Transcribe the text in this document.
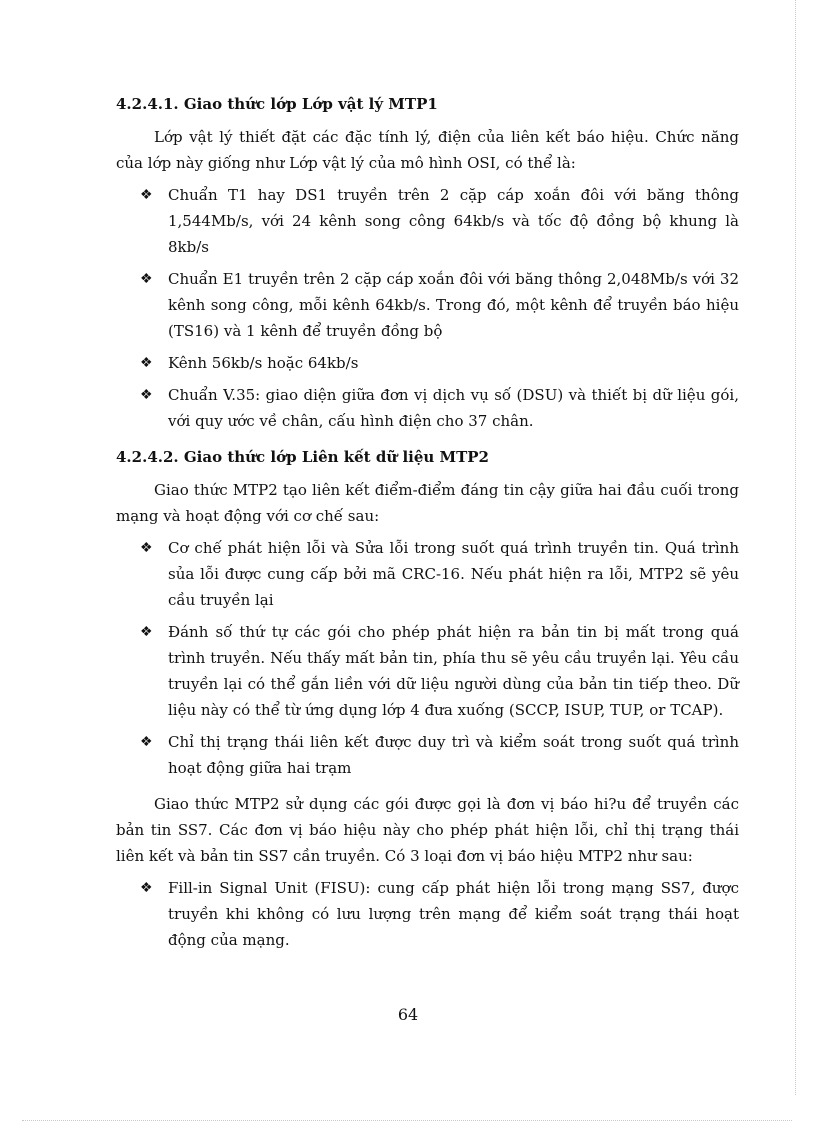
4.2.4.1. Giao thức lớp Lớp vật lý MTP1

Lớp vật lý thiết đặt các đặc tính lý, điện của liên kết báo hiệu. Chức năng của lớp này giống như Lớp vật lý của mô hình OSI, có thể là:

❖ Chuẩn T1 hay DS1 truyền trên 2 cặp cáp xoắn đôi với băng thông 1,544Mb/s, với 24 kênh song công 64kb/s và tốc độ đồng bộ khung là 8kb/s
❖ Chuẩn E1 truyền trên 2 cặp cáp xoắn đôi với băng thông 2,048Mb/s với 32 kênh song công, mỗi kênh 64kb/s. Trong đó, một kênh để truyền báo hiệu (TS16) và 1 kênh để truyền đồng bộ
❖ Kênh 56kb/s hoặc 64kb/s
❖ Chuẩn V.35: giao diện giữa đơn vị dịch vụ số (DSU) và thiết bị dữ liệu gói, với quy ước về chân, cấu hình điện cho 37 chân.
4.2.4.2. Giao thức lớp Liên kết dữ liệu MTP2

Giao thức MTP2 tạo liên kết điểm-điểm đáng tin cậy giữa hai đầu cuối trong mạng và hoạt động với cơ chế sau:

❖ Cơ chế phát hiện lỗi và Sửa lỗi trong suốt quá trình truyền tin. Quá trình sủa lỗi được cung cấp bởi mã CRC-16. Nếu phát hiện ra lỗi, MTP2 sẽ yêu cầu truyền lại
❖ Đánh số thứ tự các gói cho phép phát hiện ra bản tin bị mất trong quá trình truyền. Nếu thấy mất bản tin, phía thu sẽ yêu cầu truyền lại. Yêu cầu truyền lại có thể gắn liền với dữ liệu người dùng của bản tin tiếp theo. Dữ liệu này có thể từ ứng dụng lớp 4 đưa xuống (SCCP, ISUP, TUP, or TCAP).
❖ Chỉ thị trạng thái liên kết được duy trì và kiểm soát trong suốt quá trình hoạt động giữa hai trạm

Giao thức MTP2 sử dụng các gói được gọi là đơn vị báo hi?u để truyền các bản tin SS7. Các đơn vị báo hiệu này cho phép phát hiện lỗi, chỉ thị trạng thái liên kết và bản tin SS7 cần truyền. Có 3 loại đơn vị báo hiệu MTP2 như sau:

❖ Fill-in Signal Unit (FISU): cung cấp phát hiện lỗi trong mạng SS7, được truyền khi không có lưu lượng trên mạng để kiểm soát trạng thái hoạt động của mạng.
64
